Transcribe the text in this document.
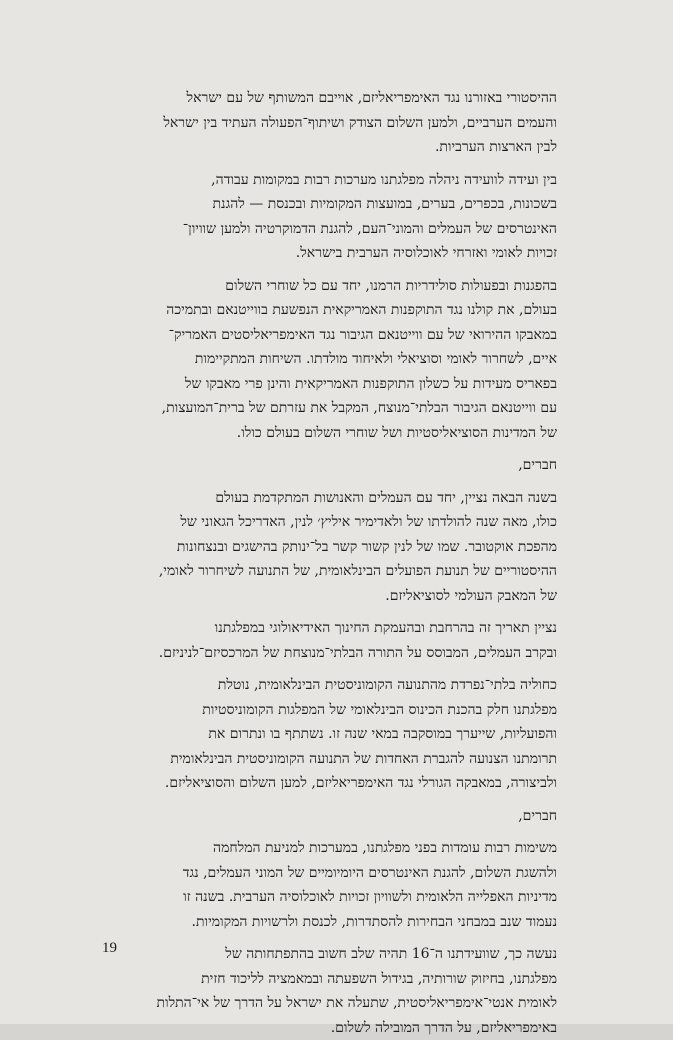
ההיסטורי באזורנו נגד האימפריאליזם, אוייבם המשותף של עם ישראל
והעמים הערביים, ולמען השלום הצודק ושיתוף־הפעולה העתיד בין ישראל
לבין הארצות הערביות.
בין ועידה לוועידה ניהלה מפלגתנו מערכות רבות במקומות עבודה,
בשכונות, בכפרים, בערים, במועצות המקומיות ובכנסת — להגנת
האינטרסים של העמלים והמוני־העם, להגנת הדמוקרטיה ולמען שוויון־
זכויות לאומי ואזרחי לאוכלוסיה הערבית בישראל.
בהפגנות ובפעולות סולידריות הרמנו, יחד עם כל שוחרי השלום
בעולם, את קולנו נגד התוקפנות האמריקאית הנפשעת בווייטנאם ובתמיכה
במאבקו ההירואי של עם ווייטנאם הגיבור נגד האימפריאליסטים האמריק־
איים, לשחרור לאומי וסוציאלי ולאיחוד מולדתו. השיחות המתקיימות
בפאריס מעידות על כשלון התוקפנות האמריקאית והינן פרי מאבקו של
עם ווייטנאם הגיבור הבלתי־מנוצח, המקבל את עזרתם של ברית־המועצות,
של המדינות הסוציאליסטיות ושל שוחרי השלום בעולם כולו.
חברים,
בשנה הבאה נציין, יחד עם העמלים והאנושות המתקדמת בעולם
כולו, מאה שנה להולדתו של ולאדימיר איליץ׳ לנין, האדריכל הגאוני של
מהפכת אוקטובר. שמו של לנין קשור קשר בל־ינותק בהישגים ובנצחונות
ההיסטוריים של תנועת הפועלים הבינלאומית, של התנועה לשיחרור לאומי,
של המאבק העולמי לסוציאליזם.
נציין תאריך זה בהרחבת ובהעמקת החינוך האידיאולוגי במפלגתנו
ובקרב העמלים, המבוסס על התורה הבלתי־מנוצחת של המרכסיזם־לניניזם.
כחוליה בלתי־נפרדת מהתנועה הקומוניסטית הבינלאומית, נוטלת
מפלגתנו חלק בהכנת הכינוס הבינלאומי של המפלגות הקומוניסטיות
והפועליות, שייערך במוסקבה במאי שנה זו. נשתתף בו ונתרום את
תרומתנו הצנועה להגברת האחדות של התנועה הקומוניסטית הבינלאומית
ולביצורה, במאבקה הגורלי נגד האימפריאליזם, למען השלום והסוציאליזם.
חברים,
משימות רבות עומדות בפני מפלגתנו, במערכות למניעת המלחמה
ולהשגת השלום, להגנת האינטרסים היומיומיים של המוני העמלים, נגד
מדיניות האפלייה הלאומית ולשוויון זכויות לאוכלוסיה הערבית. בשנה זו
נעמוד שנב במבחני הבחירות להסתדרות, לכנסת ולרשויות המקומיות.
נעשה כך, שוועידתנו ה־16 תהיה שלב חשוב בהתפתחותה של
מפלגתנו, בחיזוק שורותיה, בגידול השפעתה ובמאמציה לליכוד חזית
לאומית אנטי־אימפריאליסטית, שתעלה את ישראל על הדרך של אי־התלות
באימפריאליזם, על הדרך המובילה לשלום.
19
